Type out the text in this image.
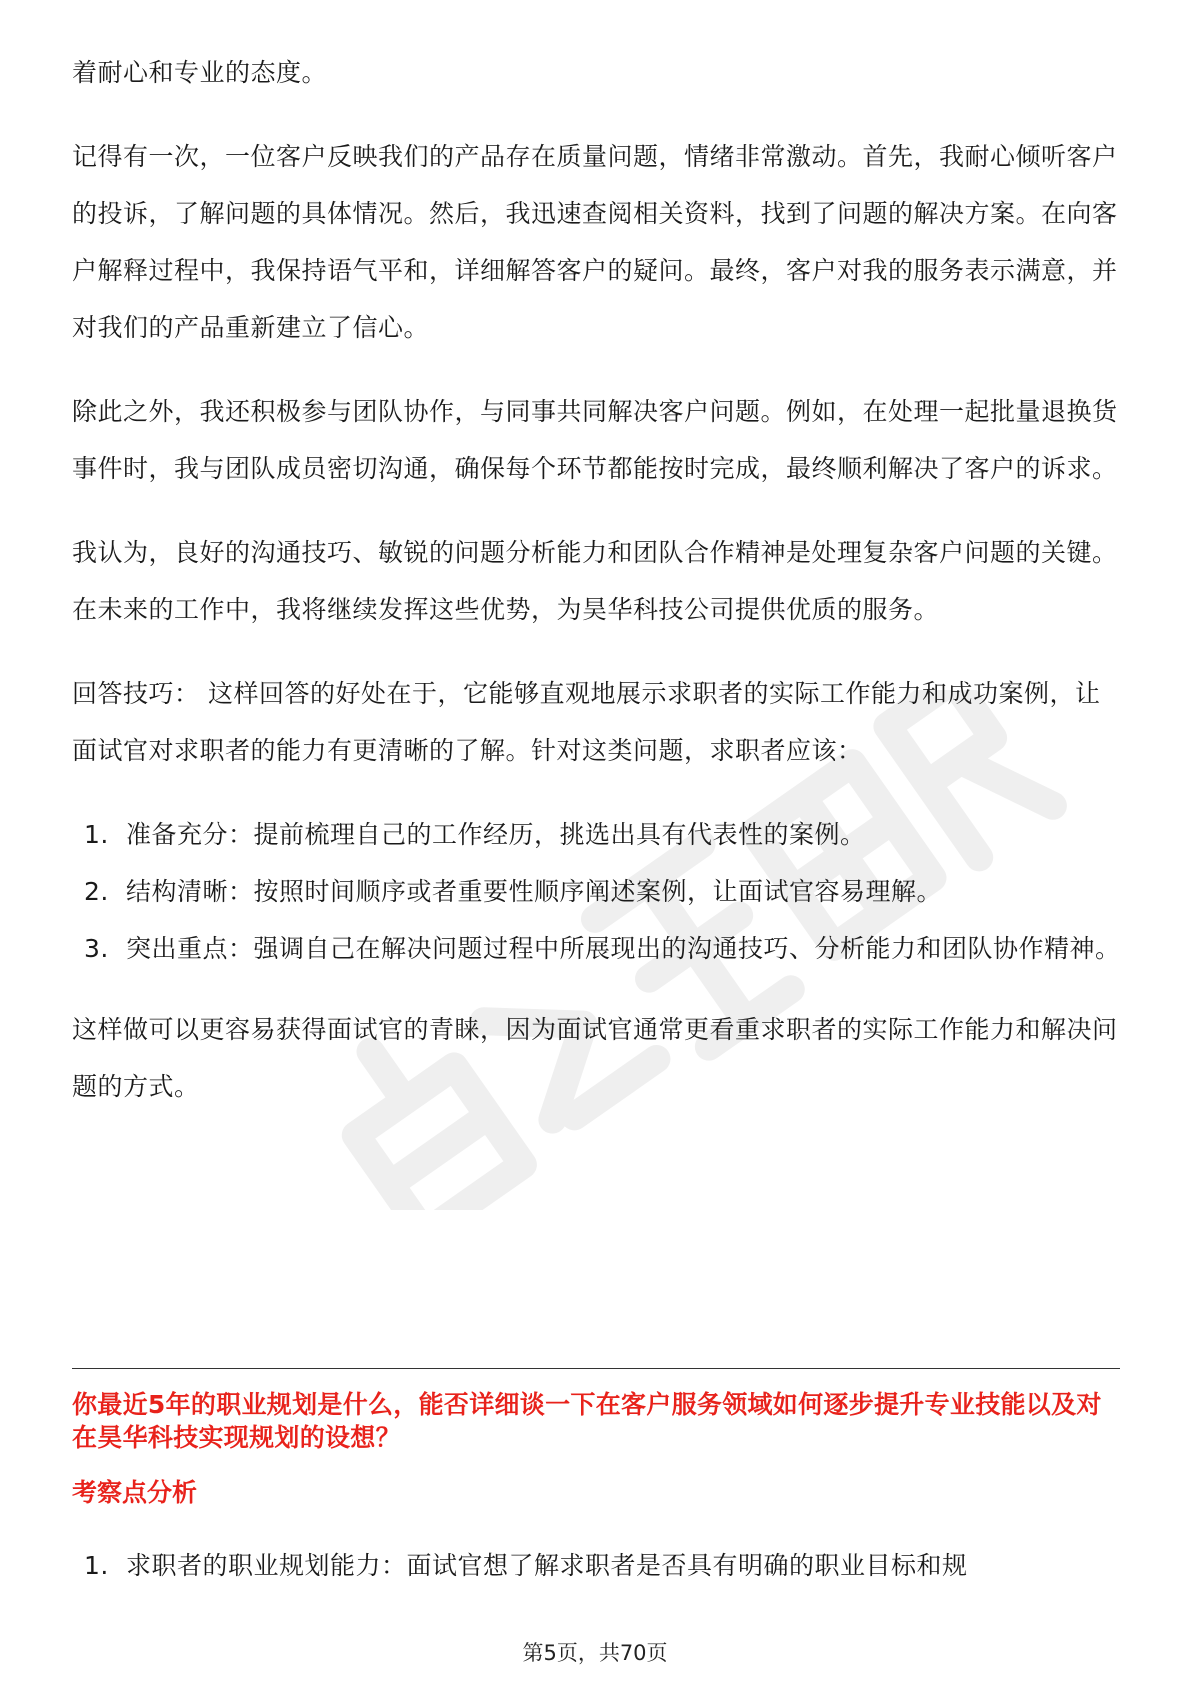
着耐心和专业的态度。

记得有一次，一位客户反映我们的产品存在质量问题，情绪非常激动。首先，我耐心倾听客户的投诉，了解问题的具体情况。然后，我迅速查阅相关资料，找到了问题的解决方案。在向客户解释过程中，我保持语气平和，详细解答客户的疑问。最终，客户对我的服务表示满意，并对我们的产品重新建立了信心。

除此之外，我还积极参与团队协作，与同事共同解决客户问题。例如，在处理一起批量退换货事件时，我与团队成员密切沟通，确保每个环节都能按时完成，最终顺利解决了客户的诉求。

我认为，良好的沟通技巧、敏锐的问题分析能力和团队合作精神是处理复杂客户问题的关键。在未来的工作中，我将继续发挥这些优势，为昊华科技公司提供优质的服务。

回答技巧： 这样回答的好处在于，它能够直观地展示求职者的实际工作能力和成功案例，让面试官对求职者的能力有更清晰的了解。针对这类问题，求职者应该：

1. 准备充分：提前梳理自己的工作经历，挑选出具有代表性的案例。
2. 结构清晰：按照时间顺序或者重要性顺序阐述案例，让面试官容易理解。
3. 突出重点：强调自己在解决问题过程中所展现出的沟通技巧、分析能力和团队协作精神。

这样做可以更容易获得面试官的青睐，因为面试官通常更看重求职者的实际工作能力和解决问题的方式。

你最近5年的职业规划是什么，能否详细谈一下在客户服务领域如何逐步提升专业技能以及对在昊华科技实现规划的设想？
考察点分析
1. 求职者的职业规划能力：面试官想了解求职者是否具有明确的职业目标和规
第5页，共70页
